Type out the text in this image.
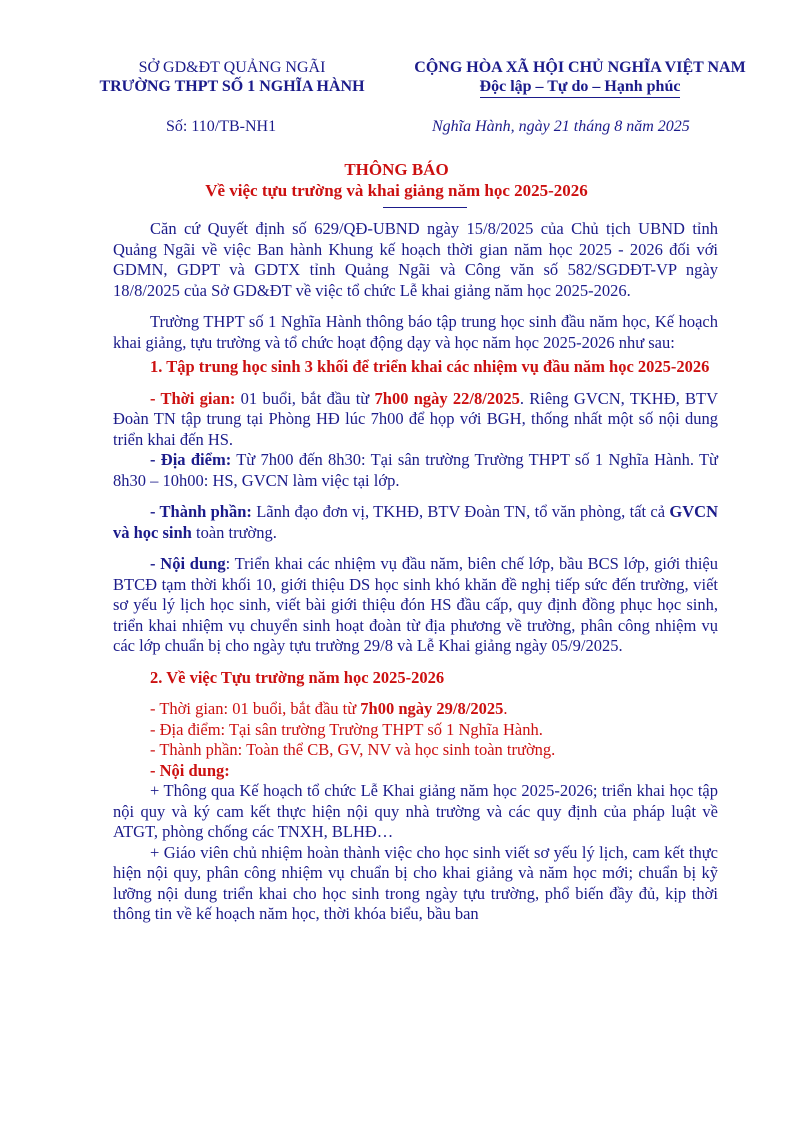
SỞ GD&ĐT QUẢNG NGÃI
TRƯỜNG THPT SỐ 1 NGHĨA HÀNH
CỘNG HÒA XÃ HỘI CHỦ NGHĨA VIỆT NAM
Độc lập – Tự do – Hạnh phúc
Số: 110/TB-NH1	Nghĩa Hành, ngày 21 tháng 8 năm 2025
THÔNG BÁO
Về việc tựu trường và khai giảng năm học 2025-2026

Căn cứ Quyết định số 629/QĐ-UBND ngày 15/8/2025 của Chủ tịch UBND tỉnh Quảng Ngãi về việc Ban hành Khung kế hoạch thời gian năm học 2025 - 2026 đối với GDMN, GDPT và GDTX tỉnh Quảng Ngãi và Công văn số 582/SGDĐT-VP ngày 18/8/2025 của Sở GD&ĐT về việc tổ chức Lễ khai giảng năm học 2025-2026.

Trường THPT số 1 Nghĩa Hành thông báo tập trung học sinh đầu năm học, Kế hoạch khai giảng, tựu trường và tổ chức hoạt động dạy và học năm học 2025-2026 như sau:

1. Tập trung học sinh 3 khối để triển khai các nhiệm vụ đầu năm học 2025-2026

- Thời gian: 01 buổi, bắt đầu từ 7h00 ngày 22/8/2025. Riêng GVCN, TKHĐ, BTV Đoàn TN tập trung tại Phòng HĐ lúc 7h00 để họp với BGH, thống nhất một số nội dung triển khai đến HS.

- Địa điểm: Từ 7h00 đến 8h30: Tại sân trường Trường THPT số 1 Nghĩa Hành. Từ 8h30 – 10h00: HS, GVCN làm việc tại lớp.

- Thành phần: Lãnh đạo đơn vị, TKHĐ, BTV Đoàn TN, tổ văn phòng, tất cả GVCN và học sinh toàn trường.

- Nội dung: Triển khai các nhiệm vụ đầu năm, biên chế lớp, bầu BCS lớp, giới thiệu BTCĐ tạm thời khối 10, giới thiệu DS học sinh khó khăn đề nghị tiếp sức đến trường, viết sơ yếu lý lịch học sinh, viết bài giới thiệu đón HS đầu cấp, quy định đồng phục học sinh, triển khai nhiệm vụ chuyển sinh hoạt đoàn từ địa phương về trường, phân công nhiệm vụ các lớp chuẩn bị cho ngày tựu trường 29/8 và Lễ Khai giảng ngày 05/9/2025.

2. Về việc Tựu trường năm học 2025-2026

- Thời gian: 01 buổi, bắt đầu từ 7h00 ngày 29/8/2025.

- Địa điểm: Tại sân trường Trường THPT số 1 Nghĩa Hành.

- Thành phần: Toàn thể CB, GV, NV và học sinh toàn trường.

- Nội dung:

+ Thông qua Kế hoạch tổ chức Lễ Khai giảng năm học 2025-2026; triển khai học tập nội quy và ký cam kết thực hiện nội quy nhà trường và các quy định của pháp luật về ATGT, phòng chống các TNXH, BLHĐ…

+ Giáo viên chủ nhiệm hoàn thành việc cho học sinh viết sơ yếu lý lịch, cam kết thực hiện nội quy, phân công nhiệm vụ chuẩn bị cho khai giảng và năm học mới; chuẩn bị kỹ lưỡng nội dung triển khai cho học sinh trong ngày tựu trường, phổ biến đầy đủ, kịp thời thông tin về kế hoạch năm học, thời khóa biểu, bầu ban
